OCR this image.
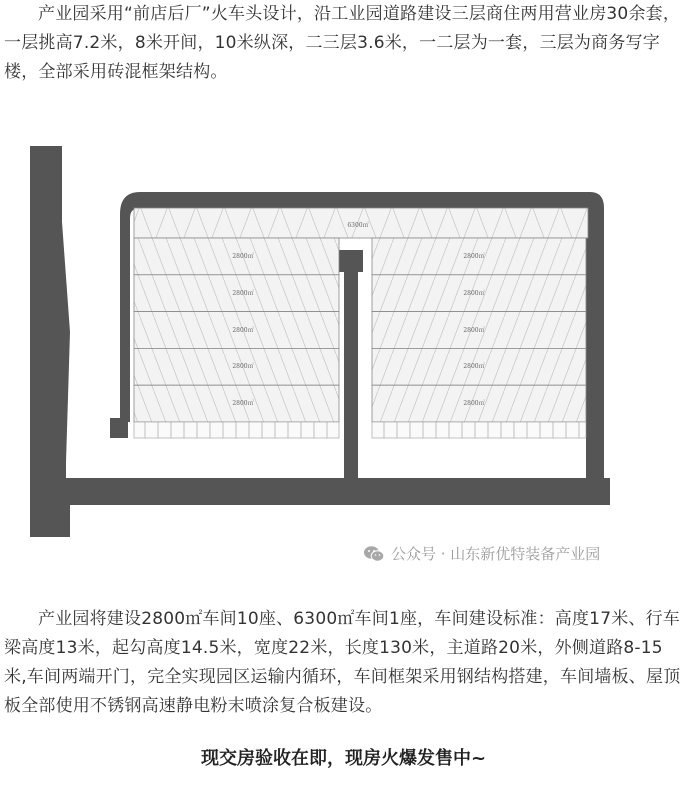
产业园采用“前店后厂”火车头设计，沿工业园道路建设三层商住两用营业房30余套，一层挑高7.2米，8米开间，10米纵深，二三层3.6米，一二层为一套，三层为商务写字楼，全部采用砖混框架结构。

6300㎡
2800㎡
2800㎡
2800㎡
2800㎡
2800㎡
2800㎡
2800㎡
2800㎡
2800㎡
2800㎡
公众号 · 山东新优特装备产业园

产业园将建设2800㎡车间10座、6300㎡车间1座，车间建设标准：高度17米、行车梁高度13米，起勾高度14.5米，宽度22米，长度130米，主道路20米，外侧道路8-15米,车间两端开门，完全实现园区运输内循环，车间框架采用钢结构搭建，车间墙板、屋顶板全部使用不锈钢高速静电粉末喷涂复合板建设。

现交房验收在即，现房火爆发售中~
